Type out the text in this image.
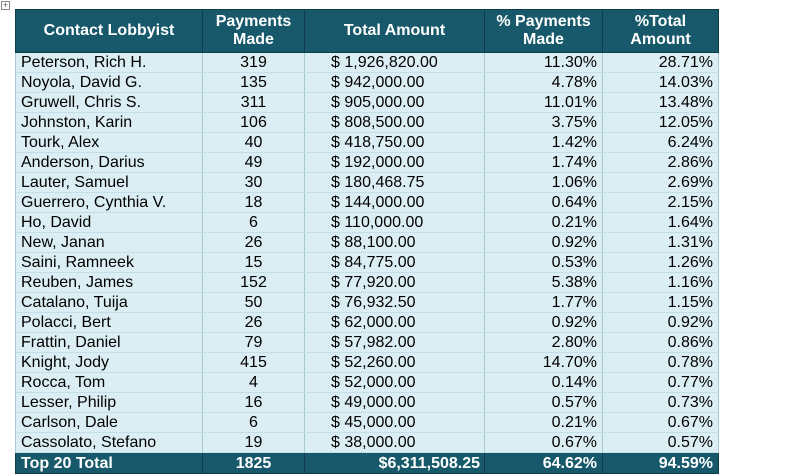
+
Contact Lobbyist	Payments Made	Total Amount	% Payments Made	%Total Amount
Peterson, Rich H.	319	$ 1,926,820.00	11.30%	28.71%
Noyola, David G.	135	$ 942,000.00	4.78%	14.03%
Gruwell, Chris S.	311	$ 905,000.00	11.01%	13.48%
Johnston, Karin	106	$ 808,500.00	3.75%	12.05%
Tourk, Alex	40	$ 418,750.00	1.42%	6.24%
Anderson, Darius	49	$ 192,000.00	1.74%	2.86%
Lauter, Samuel	30	$ 180,468.75	1.06%	2.69%
Guerrero, Cynthia V.	18	$ 144,000.00	0.64%	2.15%
Ho, David	6	$ 110,000.00	0.21%	1.64%
New, Janan	26	$ 88,100.00	0.92%	1.31%
Saini, Ramneek	15	$ 84,775.00	0.53%	1.26%
Reuben, James	152	$ 77,920.00	5.38%	1.16%
Catalano, Tuija	50	$ 76,932.50	1.77%	1.15%
Polacci, Bert	26	$ 62,000.00	0.92%	0.92%
Frattin, Daniel	79	$ 57,982.00	2.80%	0.86%
Knight, Jody	415	$ 52,260.00	14.70%	0.78%
Rocca, Tom	4	$ 52,000.00	0.14%	0.77%
Lesser, Philip	16	$ 49,000.00	0.57%	0.73%
Carlson, Dale	6	$ 45,000.00	0.21%	0.67%
Cassolato, Stefano	19	$ 38,000.00	0.67%	0.57%
Top 20 Total	1825	$6,311,508.25	64.62%	94.59%
